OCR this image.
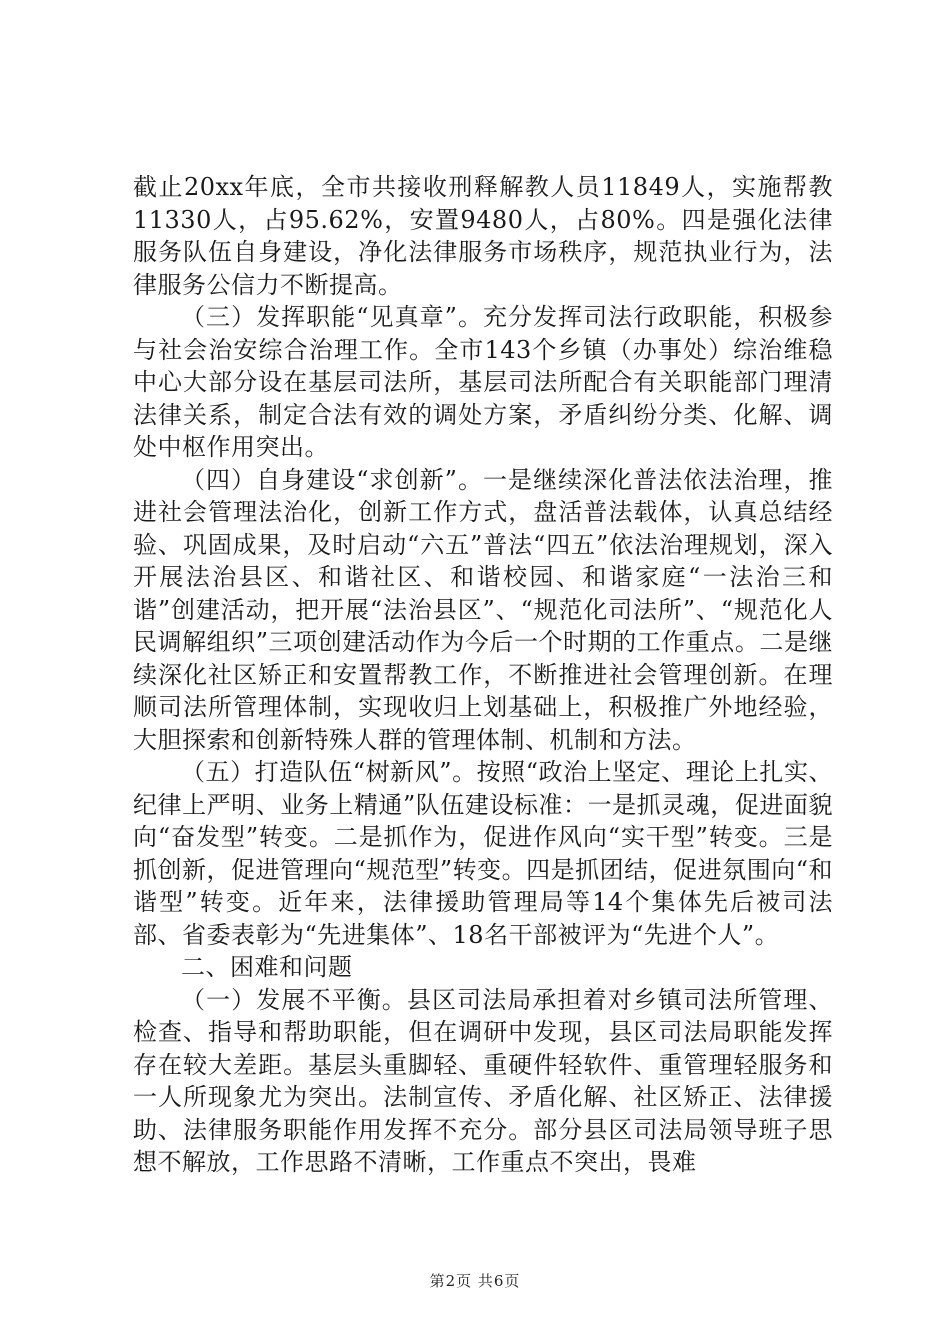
截止20xx年底，全市共接收刑释解教人员11849人，实施帮教11330人，占95.62%，安置9480人，占80%。四是强化法律服务队伍自身建设，净化法律服务市场秩序，规范执业行为，法律服务公信力不断提高。

（三）发挥职能“见真章”。充分发挥司法行政职能，积极参与社会治安综合治理工作。全市143个乡镇（办事处）综治维稳中心大部分设在基层司法所，基层司法所配合有关职能部门理清法律关系，制定合法有效的调处方案，矛盾纠纷分类、化解、调处中枢作用突出。

（四）自身建设“求创新”。一是继续深化普法依法治理，推进社会管理法治化，创新工作方式，盘活普法载体，认真总结经验、巩固成果，及时启动“六五”普法“四五”依法治理规划，深入开展法治县区、和谐社区、和谐校园、和谐家庭“一法治三和谐”创建活动，把开展“法治县区”、“规范化司法所”、“规范化人民调解组织”三项创建活动作为今后一个时期的工作重点。二是继续深化社区矫正和安置帮教工作，不断推进社会管理创新。在理顺司法所管理体制，实现收归上划基础上，积极推广外地经验，大胆探索和创新特殊人群的管理体制、机制和方法。

（五）打造队伍“树新风”。按照“政治上坚定、理论上扎实、纪律上严明、业务上精通”队伍建设标准：一是抓灵魂，促进面貌向“奋发型”转变。二是抓作为，促进作风向“实干型”转变。三是抓创新，促进管理向“规范型”转变。四是抓团结，促进氛围向“和谐型”转变。近年来，法律援助管理局等14个集体先后被司法部、省委表彰为“先进集体”、18名干部被评为“先进个人”。

二、困难和问题

（一）发展不平衡。县区司法局承担着对乡镇司法所管理、检查、指导和帮助职能，但在调研中发现，县区司法局职能发挥存在较大差距。基层头重脚轻、重硬件轻软件、重管理轻服务和一人所现象尤为突出。法制宣传、矛盾化解、社区矫正、法律援助、法律服务职能作用发挥不充分。部分县区司法局领导班子思想不解放，工作思路不清晰，工作重点不突出，畏难

第2页 共6页
